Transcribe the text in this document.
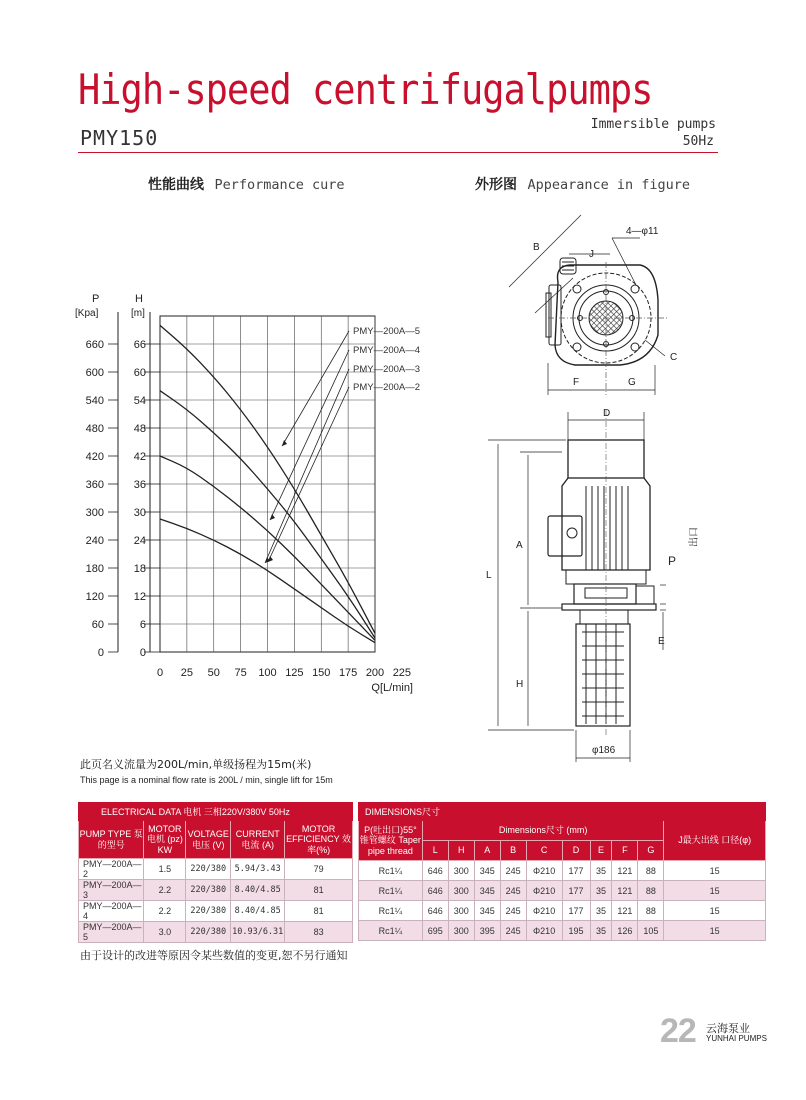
High-speed centrifugalpumps
PMY150
Immersible pumps
50Hz
性能曲线 Performance cure	外形图 Appearance in figure
0 25 50 75 100 125 150 175 200 225
0
0
6
60
12
120
18
180
24
240
30
300
36
360
42
420
48
480
54
540
60
600
66
660
P
[Kpa]
H
[m]
Q[L/min]
PMY—200A—5
PMY—200A—4
PMY—200A—3
PMY—200A—2
B
J
4—φ11
C
F	G
D
A
L
H
E
P
出口
φ186
此页名义流量为200L/min,单级扬程为15m(米)
This page is a nominal flow rate is 200L / min, single lift for 15m
ELECTRICAL DATA 电机 三相220V/380V 50Hz				
PUMP TYPE 泵的型号	MOTOR 电机 (pz) KW	VOLTAGE 电压 (V)	CURRENT 电流 (A)	MOTOR EFFICIENCY 效率(%)
PMY—200A—2	1.5	220/380	5.94/3.43	79
PMY—200A—3	2.2	220/380	8.40/4.85	81
PMY—200A—4	2.2	220/380	8.40/4.85	81
PMY—200A—5	3.0	220/380	10.93/6.31	83
DIMENSIONS尺寸										
P(吐出口)55° 锥管螺纹 Taper pipe thread	Dimensions尺寸 (mm)									J最大出线 口径(φ)
	L	H	A	B	C	D	E	F	G	
Rc1¼	646	300	345	245	Φ210	177	35	121	88	15
Rc1¼	646	300	345	245	Φ210	177	35	121	88	15
Rc1¼	646	300	345	245	Φ210	177	35	121	88	15
Rc1¼	695	300	395	245	Φ210	195	35	126	105	15
由于设计的改进等原因令某些数值的变更,恕不另行通知
22 云海泵业
YUNHAI PUMPS
